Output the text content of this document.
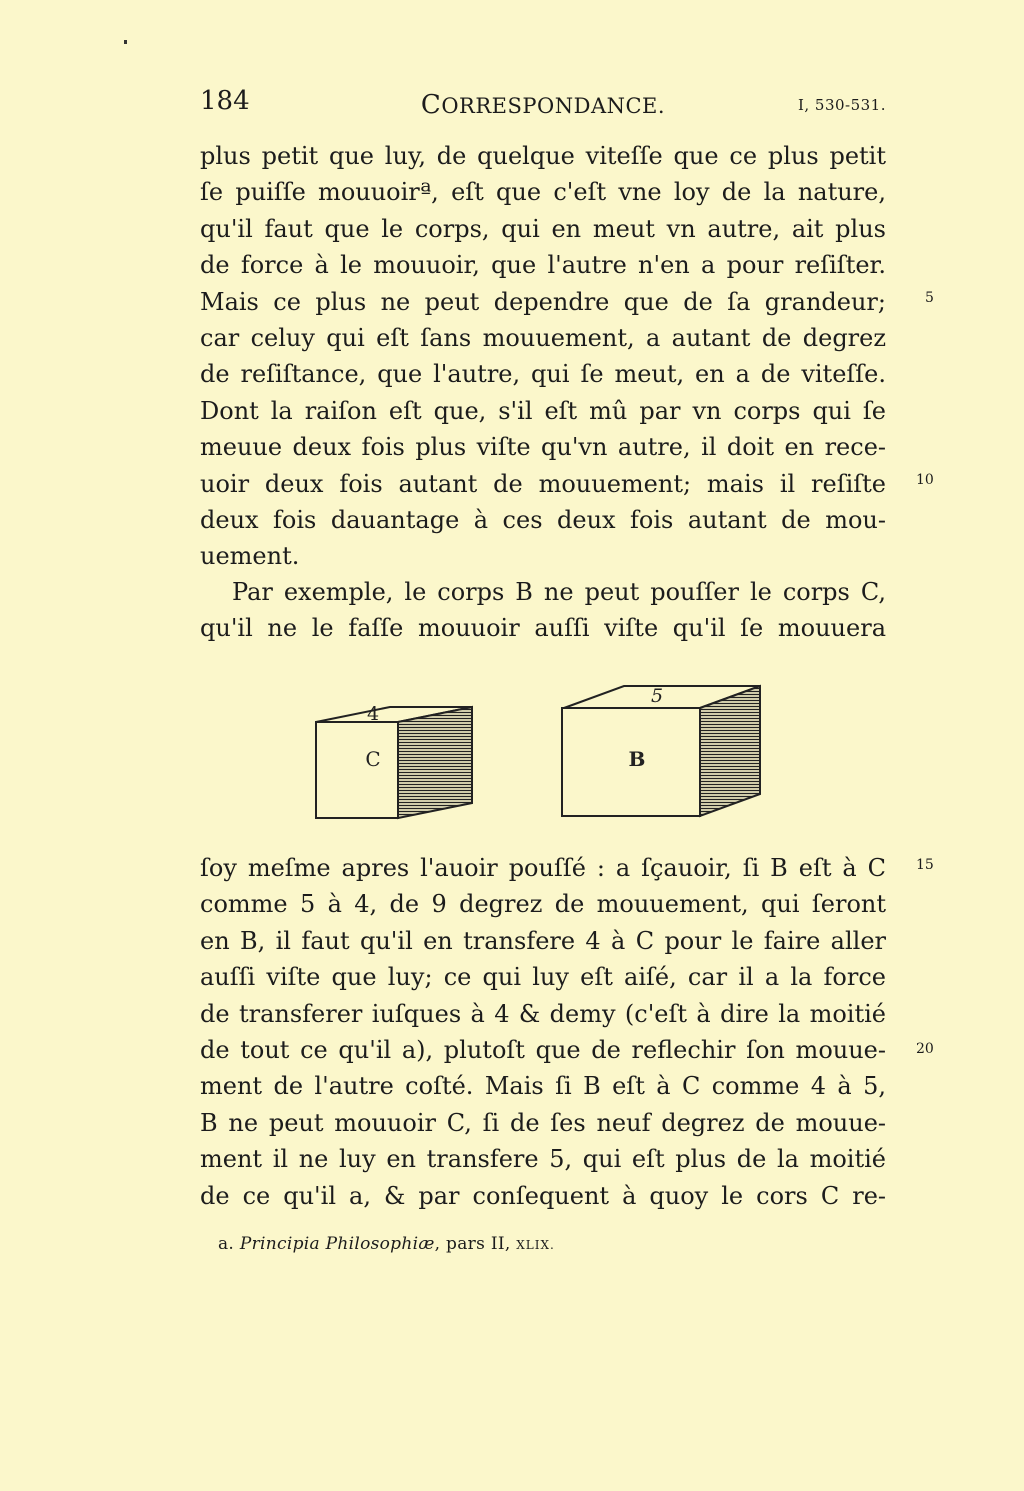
184	CORRESPONDANCE.	I, 530-531.
plus petit que luy, de quelque viteſſe que ce plus petit
ſe puiſſe mouuoirª, eſt que c'eſt vne loy de la nature,
qu'il faut que le corps, qui en meut vn autre, ait plus
de force à le mouuoir, que l'autre n'en a pour reſiſter.
Mais ce plus ne peut dependre que de ſa grandeur;
car celuy qui eſt ſans mouuement, a autant de degrez
de reſiſtance, que l'autre, qui ſe meut, en a de viteſſe.
Dont la raiſon eſt que, s'il eſt mû par vn corps qui ſe
meuue deux fois plus viſte qu'vn autre, il doit en rece-
uoir deux fois autant de mouuement; mais il reſiſte
deux fois dauantage à ces deux fois autant de mou-
uement.
Par exemple, le corps B ne peut pouſſer le corps C,
qu'il ne le faſſe mouuoir auſſi viſte qu'il ſe mouuera
4
C
5
B
ſoy meſme apres l'auoir pouſſé : a ſçauoir, ſi B eſt à C
comme 5 à 4, de 9 degrez de mouuement, qui ſeront
en B, il faut qu'il en transfere 4 à C pour le faire aller
auſſi viſte que luy; ce qui luy eſt aiſé, car il a la force
de transferer iuſques à 4 & demy (c'eſt à dire la moitié
de tout ce qu'il a), plutoſt que de reflechir ſon mouue-
ment de l'autre coſté. Mais ſi B eſt à C comme 4 à 5,
B ne peut mouuoir C, ſi de ſes neuf degrez de mouue-
ment il ne luy en transfere 5, qui eſt plus de la moitié
de ce qu'il a, & par conſequent à quoy le cors C re-
5
10
15
20
a. Principia Philosophiæ, pars II, XLIX.
